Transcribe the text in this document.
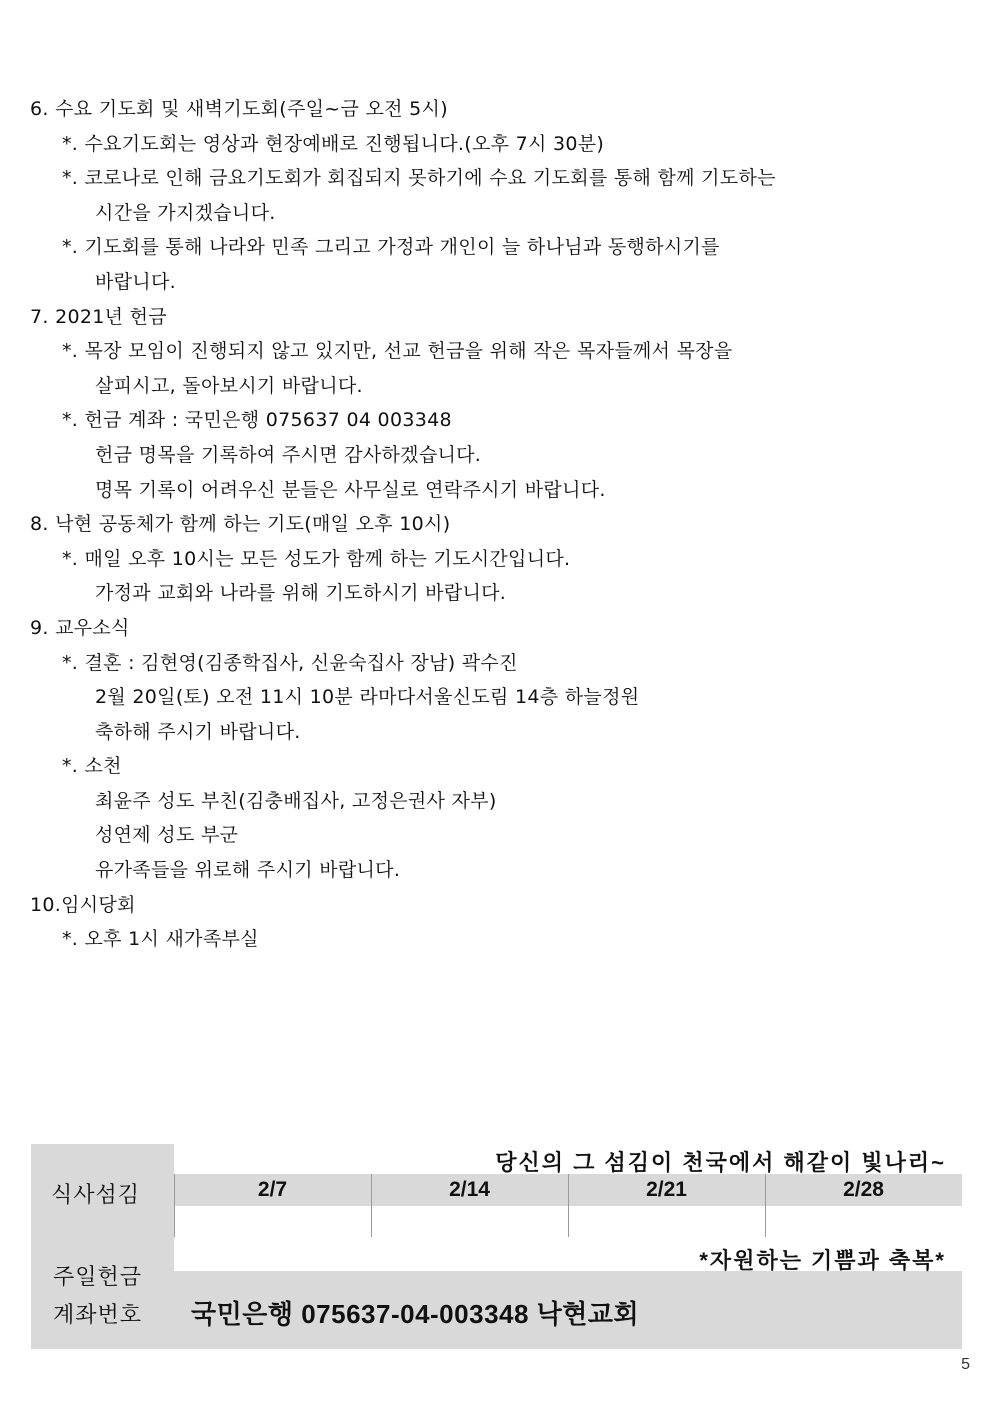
6. 수요 기도회 및 새벽기도회(주일~금 오전 5시)
*. 수요기도회는 영상과 현장예배로 진행됩니다.(오후 7시 30분)
*. 코로나로 인해 금요기도회가 회집되지 못하기에 수요 기도회를 통해 함께 기도하는
시간을 가지겠습니다.
*. 기도회를 통해 나라와 민족 그리고 가정과 개인이 늘 하나님과 동행하시기를
바랍니다.
7. 2021년 헌금
*. 목장 모임이 진행되지 않고 있지만, 선교 헌금을 위해 작은 목자들께서 목장을
살피시고, 돌아보시기 바랍니다.
*. 헌금 계좌 : 국민은행 075637 04 003348
헌금 명목을 기록하여 주시면 감사하겠습니다.
명목 기록이 어려우신 분들은 사무실로 연락주시기 바랍니다.
8. 낙현 공동체가 함께 하는 기도(매일 오후 10시)
*. 매일 오후 10시는 모든 성도가 함께 하는 기도시간입니다.
가정과 교회와 나라를 위해 기도하시기 바랍니다.
9. 교우소식
*. 결혼 : 김현영(김종학집사, 신윤숙집사 장남) 곽수진
2월 20일(토) 오전 11시 10분 라마다서울신도림 14층 하늘정원
축하해 주시기 바랍니다.
*. 소천
최윤주 성도 부친(김충배집사, 고정은권사 자부)
성연제 성도 부군
유가족들을 위로해 주시기 바랍니다.
10.임시당회
*. 오후 1시 새가족부실
당신의 그 섬김이 천국에서 해같이 빛나리~
식사섬김	2/7	2/14	2/21	2/28
*자원하는 기쁨과 축복*
주일헌금
계좌번호 국민은행 075637-04-003348 낙현교회
5
